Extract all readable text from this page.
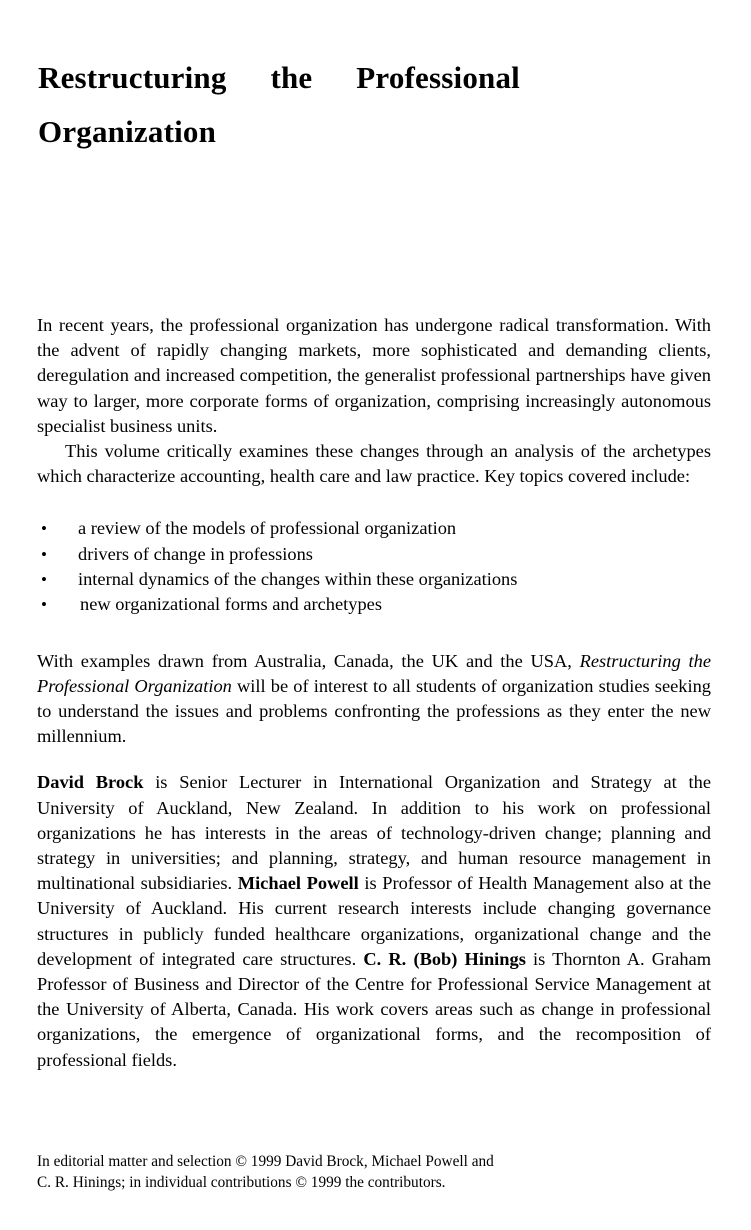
Restructuring the Professional
Organization

In recent years, the professional organization has undergone radical transformation. With the advent of rapidly changing markets, more sophisticated and demanding clients, deregulation and increased competition, the generalist professional partnerships have given way to larger, more corporate forms of organization, comprising increasingly autonomous specialist business units.

This volume critically examines these changes through an analysis of the archetypes which characterize accounting, health care and law practice. Key topics covered include:

• a review of the models of professional organization
• drivers of change in professions
• internal dynamics of the changes within these organizations
• new organizational forms and archetypes

With examples drawn from Australia, Canada, the UK and the USA, Restructuring the Professional Organization will be of interest to all students of organization studies seeking to understand the issues and problems confronting the professions as they enter the new millennium.

David Brock is Senior Lecturer in International Organization and Strategy at the University of Auckland, New Zealand. In addition to his work on professional organizations he has interests in the areas of technology-driven change; planning and strategy in universities; and planning, strategy, and human resource management in multinational subsidiaries. Michael Powell is Professor of Health Management also at the University of Auckland. His current research interests include changing governance structures in publicly funded healthcare organizations, organizational change and the development of integrated care structures. C. R. (Bob) Hinings is Thornton A. Graham Professor of Business and Director of the Centre for Professional Service Management at the University of Alberta, Canada. His work covers areas such as change in professional organizations, the emergence of organizational forms, and the recomposition of professional fields.

In editorial matter and selection © 1999 David Brock, Michael Powell and
C. R. Hinings; in individual contributions © 1999 the contributors.
